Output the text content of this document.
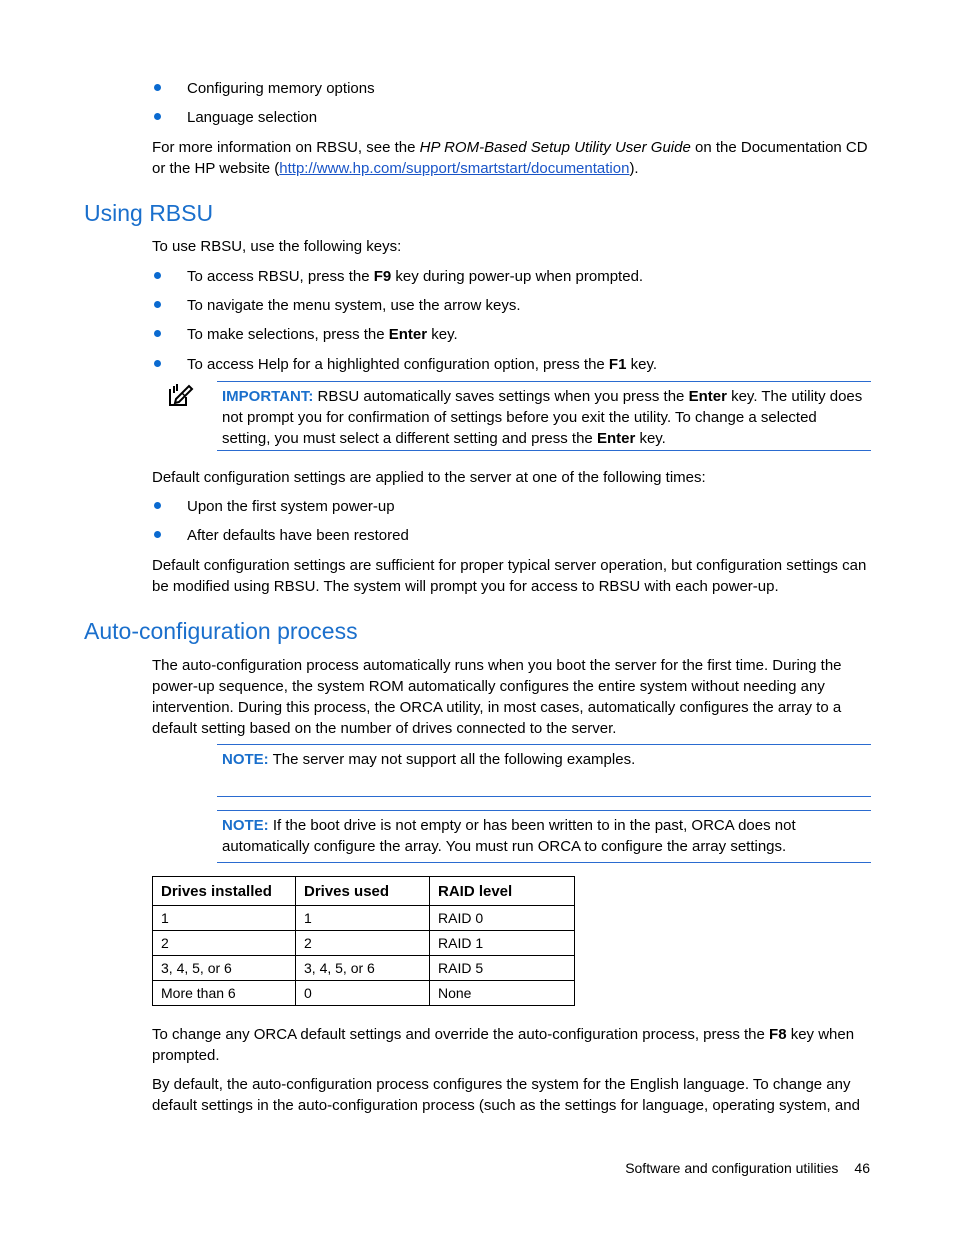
Configuring memory options
Language selection
For more information on RBSU, see the HP ROM-Based Setup Utility User Guide on the Documentation CD or the HP website (http://www.hp.com/support/smartstart/documentation).
Using RBSU
To use RBSU, use the following keys:
To access RBSU, press the F9 key during power-up when prompted.
To navigate the menu system, use the arrow keys.
To make selections, press the Enter key.
To access Help for a highlighted configuration option, press the F1 key.
IMPORTANT: RBSU automatically saves settings when you press the Enter key. The utility does not prompt you for confirmation of settings before you exit the utility. To change a selected setting, you must select a different setting and press the Enter key.
Default configuration settings are applied to the server at one of the following times:
Upon the first system power-up
After defaults have been restored
Default configuration settings are sufficient for proper typical server operation, but configuration settings can be modified using RBSU. The system will prompt you for access to RBSU with each power-up.
Auto-configuration process
The auto-configuration process automatically runs when you boot the server for the first time. During the power-up sequence, the system ROM automatically configures the entire system without needing any intervention. During this process, the ORCA utility, in most cases, automatically configures the array to a default setting based on the number of drives connected to the server.
NOTE: The server may not support all the following examples.
NOTE: If the boot drive is not empty or has been written to in the past, ORCA does not automatically configure the array. You must run ORCA to configure the array settings.
Drives installed	Drives used	RAID level
1	1	RAID 0
2	2	RAID 1
3, 4, 5, or 6	3, 4, 5, or 6	RAID 5
More than 6	0	None
To change any ORCA default settings and override the auto-configuration process, press the F8 key when prompted.
By default, the auto-configuration process configures the system for the English language. To change any default settings in the auto-configuration process (such as the settings for language, operating system, and
Software and configuration utilities 46
